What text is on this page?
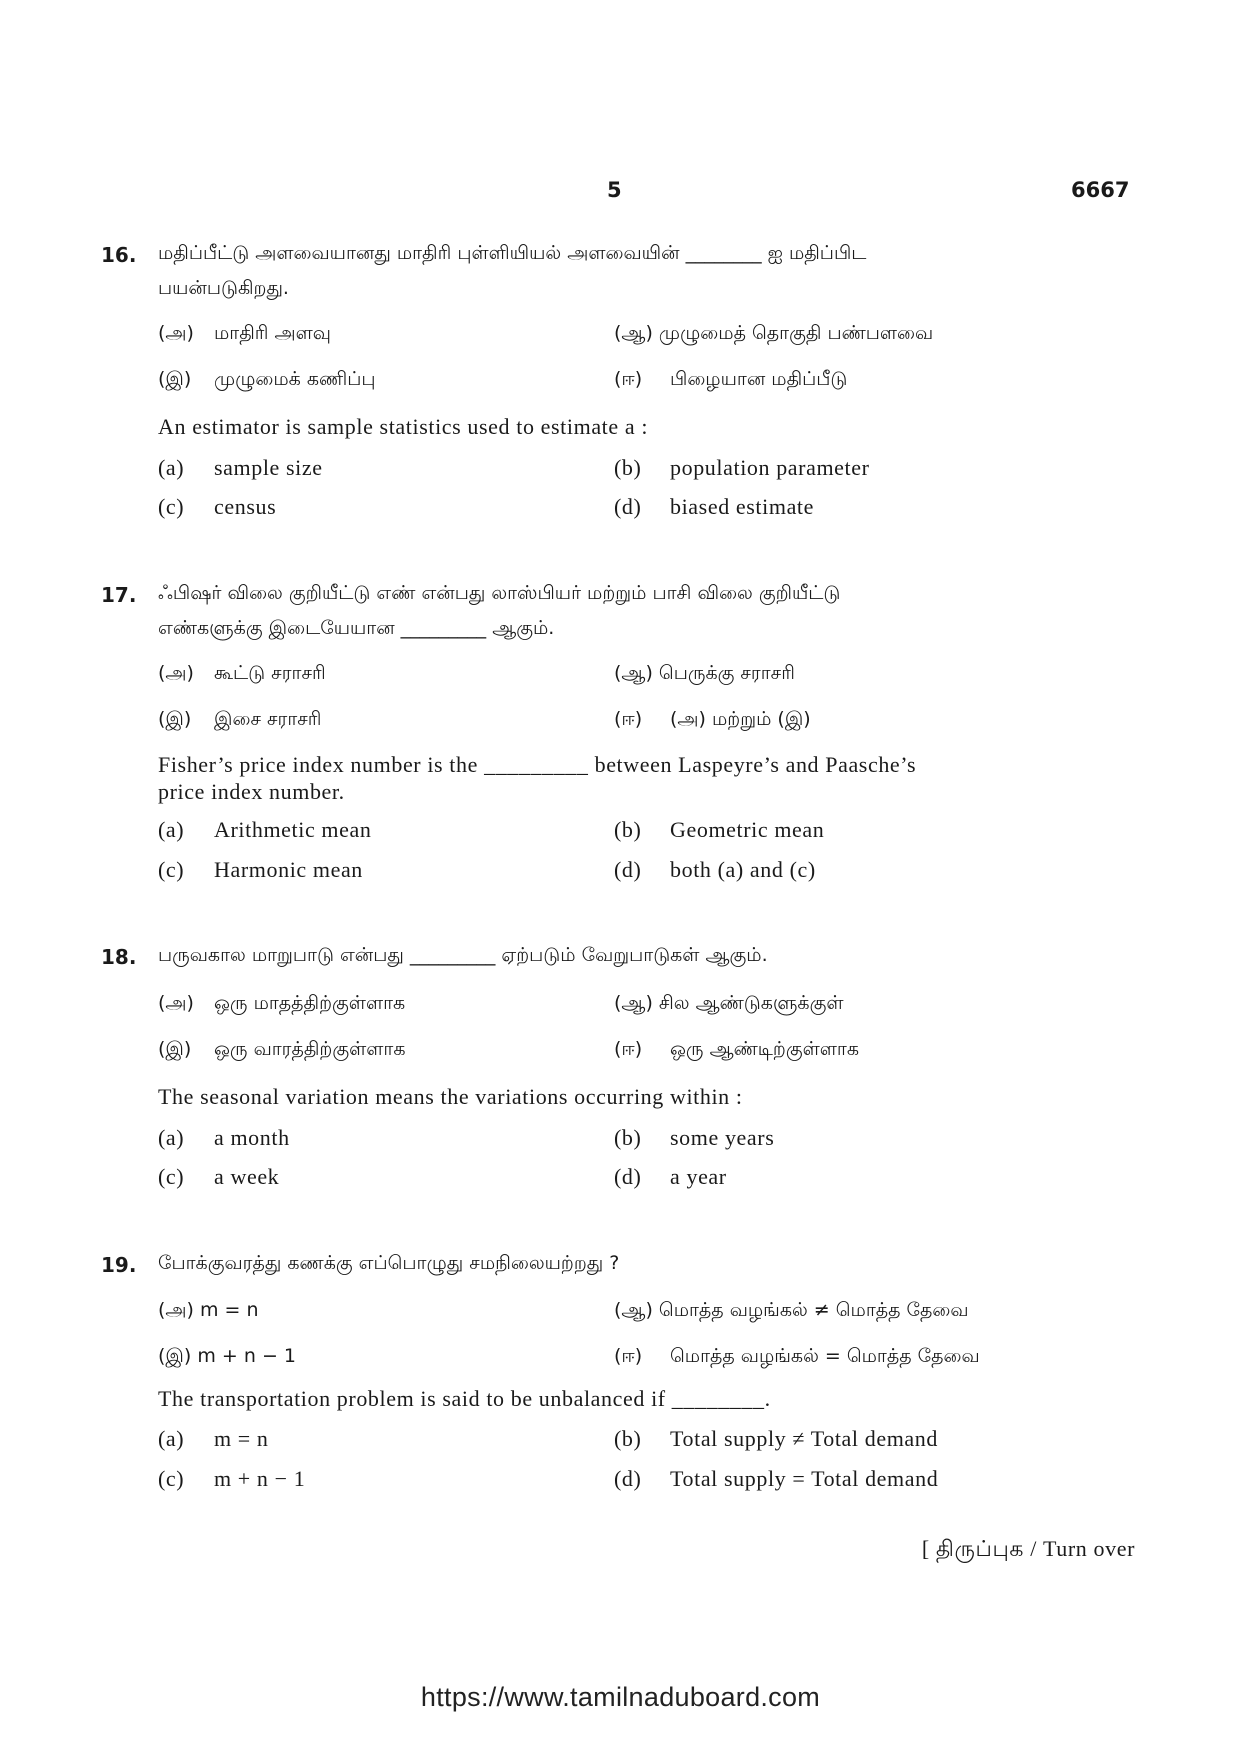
5	6667
16. மதிப்பீட்டு அளவையானது மாதிரி புள்ளியியல் அளவையின் ________ ஐ மதிப்பிட
பயன்படுகிறது.
(அ) மாதிரி அளவு	(ஆ) முழுமைத் தொகுதி பண்பளவை
(இ) முழுமைக் கணிப்பு	(ஈ) பிழையான மதிப்பீடு
An estimator is sample statistics used to estimate a :
(a) sample size	(b) population parameter
(c) census	(d) biased estimate
17. ஃபிஷர் விலை குறியீட்டு எண் என்பது லாஸ்பியர் மற்றும் பாசி விலை குறியீட்டு
எண்களுக்கு இடையேயான _________ ஆகும்.
(அ) கூட்டு சராசரி	(ஆ) பெருக்கு சராசரி
(இ) இசை சராசரி	(ஈ) (அ) மற்றும் (இ)
Fisher’s price index number is the _________ between Laspeyre’s and Paasche’s
price index number.
(a) Arithmetic mean	(b) Geometric mean
(c) Harmonic mean	(d) both (a) and (c)
18. பருவகால மாறுபாடு என்பது _________ ஏற்படும் வேறுபாடுகள் ஆகும்.
(அ) ஒரு மாதத்திற்குள்ளாக	(ஆ) சில ஆண்டுகளுக்குள்
(இ) ஒரு வாரத்திற்குள்ளாக	(ஈ) ஒரு ஆண்டிற்குள்ளாக
The seasonal variation means the variations occurring within :
(a) a month	(b) some years
(c) a week	(d) a year
19. போக்குவரத்து கணக்கு எப்பொழுது சமநிலையற்றது ?
(அ) m = n	(ஆ) மொத்த வழங்கல் ≠ மொத்த தேவை
(இ) m + n − 1	(ஈ) மொத்த வழங்கல் = மொத்த தேவை
The transportation problem is said to be unbalanced if ________.
(a) m = n	(b) Total supply ≠ Total demand
(c) m + n − 1	(d) Total supply = Total demand
[ திருப்புக / Turn over
https://www.tamilnaduboard.com
